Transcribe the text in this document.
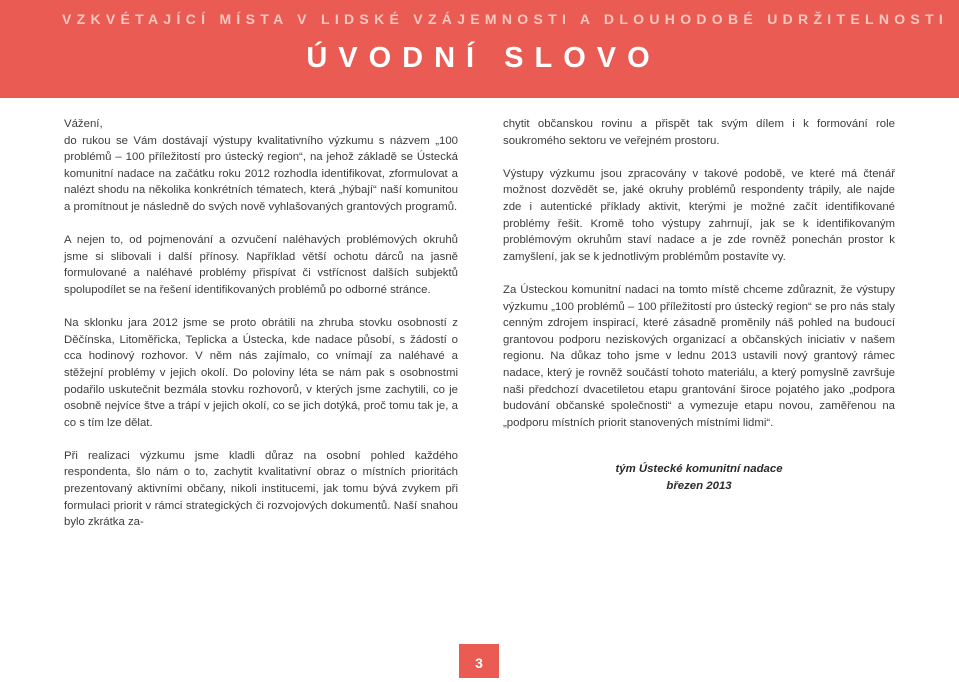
VZKVÉTAJÍCÍ MÍSTA V LIDSKÉ VZÁJEMNOSTI A DLOUHODOBÉ UDRŽITELNOSTI
ÚVODNÍ SLOVO

Vážení,
do rukou se Vám dostávají výstupy kvalitativního výzkumu s názvem „100 problémů – 100 příležitostí pro ústecký region“, na jehož základě se Ústecká komunitní nadace na začátku roku 2012 rozhodla identifikovat, zformulovat a nalézt shodu na několika konkrétních tématech, která „hýbají“ naší komunitou a promítnout je následně do svých nově vyhlašovaných grantových programů.

A nejen to, od pojmenování a ozvučení naléhavých problémových okruhů jsme si slibovali i další přínosy. Například větší ochotu dárců na jasně formulované a naléhavé problémy přispívat či vstřícnost dalších subjektů spolupodílet se na řešení identifikovaných problémů po odborné stránce.

Na sklonku jara 2012 jsme se proto obrátili na zhruba stovku osobností z Děčínska, Litoměřicka, Teplicka a Ústecka, kde nadace působí, s žádostí o cca hodinový rozhovor. V něm nás zajímalo, co vnímají za naléhavé a stěžejní problémy v jejich okolí. Do poloviny léta se nám pak s osobnostmi podařilo uskutečnit bezmála stovku rozhovorů, v kterých jsme zachytili, co je osobně nejvíce štve a trápí v jejich okolí, co se jich dotýká, proč tomu tak je, a co s tím lze dělat.

Při realizaci výzkumu jsme kladli důraz na osobní pohled každého respondenta, šlo nám o to, zachytit kvalitativní obraz o místních prioritách prezentovaný aktivními občany, nikoli institucemi, jak tomu bývá zvykem při formulaci priorit v rámci strategických či rozvojových dokumentů. Naší snahou bylo zkrátka za-

chytit občanskou rovinu a přispět tak svým dílem i k formování role soukromého sektoru ve veřejném prostoru.

Výstupy výzkumu jsou zpracovány v takové podobě, ve které má čtenář možnost dozvědět se, jaké okruhy problémů respondenty trápily, ale najde zde i autentické příklady aktivit, kterými je možné začít identifikované problémy řešit. Kromě toho výstupy zahrnují, jak se k identifikovaným problémovým okruhům staví nadace a je zde rovněž ponechán prostor k zamyšlení, jak se k jednotlivým problémům postavíte vy.

Za Ústeckou komunitní nadaci na tomto místě chceme zdůraznit, že výstupy výzkumu „100 problémů – 100 příležitostí pro ústecký region“ se pro nás staly cenným zdrojem inspirací, které zásadně proměnily náš pohled na budoucí grantovou podporu neziskových organizací a občanských iniciativ v našem regionu. Na důkaz toho jsme v lednu 2013 ustavili nový grantový rámec nadace, který je rovněž součástí tohoto materiálu, a který pomyslně završuje naši předchozí dvacetiletou etapu grantování široce pojatého jako „podpora budování občanské společnosti“ a vymezuje etapu novou, zaměřenou na „podporu místních priorit stanovených místními lidmi“.

tým Ústecké komunitní nadace
březen 2013
3
